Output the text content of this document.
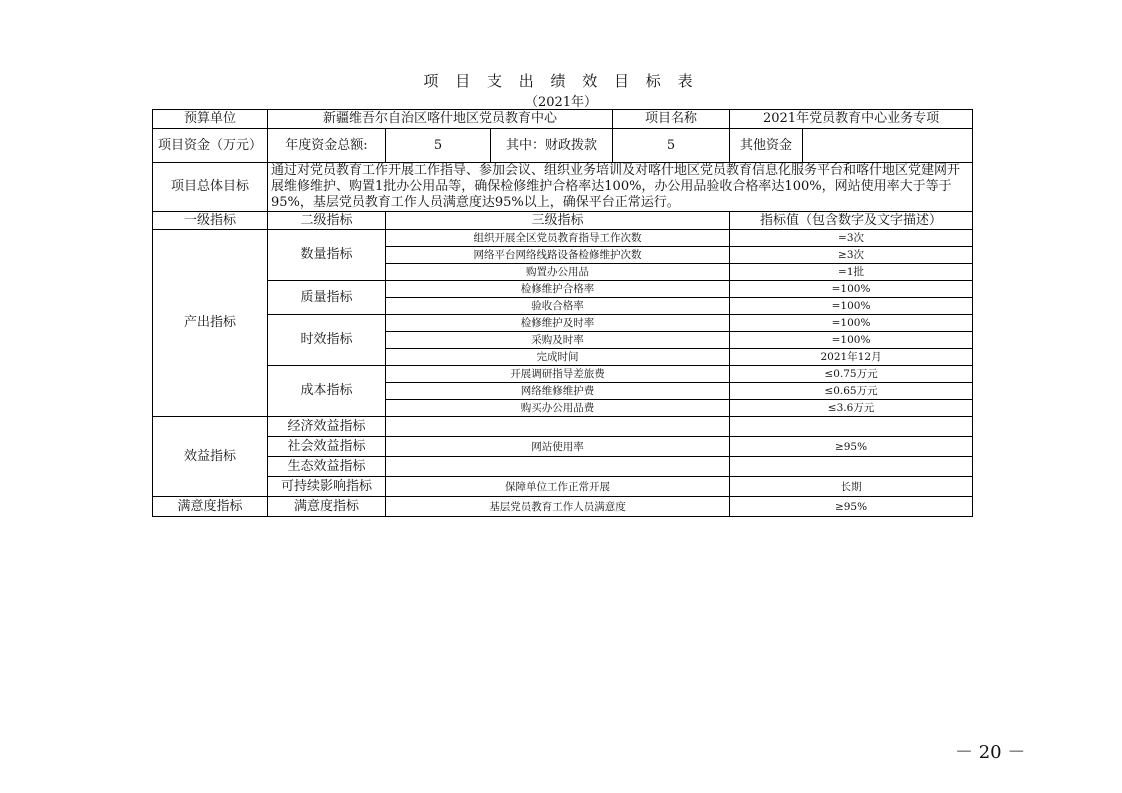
项 目 支 出 绩 效 目 标 表
（2021年）
预算单位	新疆维吾尔自治区喀什地区党员教育中心			项目名称	2021年党员教育中心业务专项	
项目资金（万元）	年度资金总额:	5	其中：财政拨款	5	其他资金	
项目总体目标	通过对党员教育工作开展工作指导、参加会议、组织业务培训及对喀什地区党员教育信息化服务平台和喀什地区党建网开展维修维护、购置1批办公用品等，确保检修维护合格率达100%，办公用品验收合格率达100%，网站使用率大于等于95%，基层党员教育工作人员满意度达95%以上，确保平台正常运行。					
一级指标	二级指标	三级指标			指标值（包含数字及文字描述）	
产出指标	数量指标	组织开展全区党员教育指导工作次数			=3次	
		网络平台网络线路设备检修维护次数			≥3次	
		购置办公用品			=1批	
	质量指标	检修维护合格率			=100%	
		验收合格率			=100%	
	时效指标	检修维护及时率			=100%	
		采购及时率			=100%	
		完成时间			2021年12月	
	成本指标	开展调研指导差旅费			≤0.75万元	
		网络维修维护费			≤0.65万元	
		购买办公用品费			≤3.6万元	
效益指标	经济效益指标					
	社会效益指标	网站使用率			≥95%	
	生态效益指标					
	可持续影响指标	保障单位工作正常开展			长期	
满意度指标	满意度指标	基层党员教育工作人员满意度			≥95%	
－ 20 －
